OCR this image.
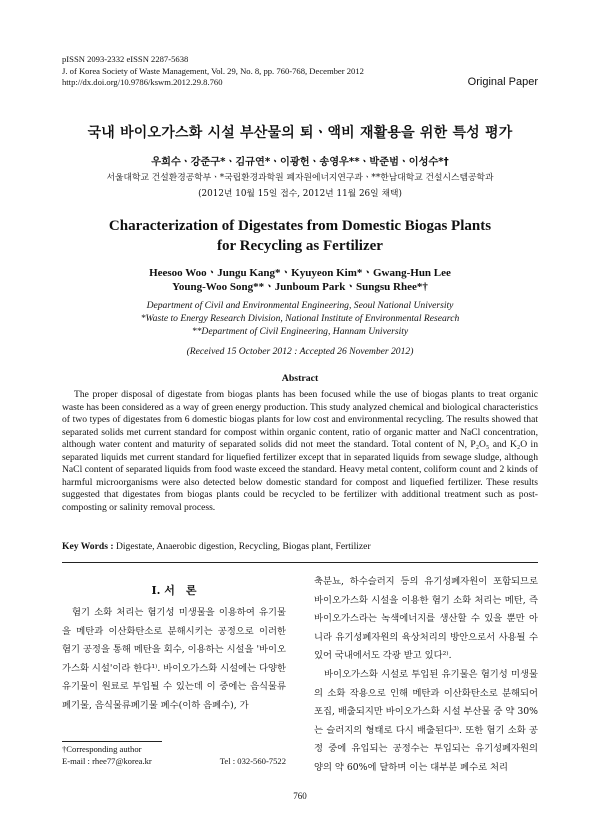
pISSN 2093-2332 eISSN 2287-5638
J. of Korea Society of Waste Management, Vol. 29, No. 8, pp. 760-768, December 2012
http://dx.doi.org/10.9786/kswm.2012.29.8.760	Original Paper
국내 바이오가스화 시설 부산물의 퇴ㆍ액비 재활용을 위한 특성 평가
우희수ㆍ강준구*ㆍ김규연*ㆍ이광헌ㆍ송영우**ㆍ박준범ㆍ이성수*†
서울대학교 건설환경공학부ㆍ*국립환경과학원 폐자원에너지연구과ㆍ**한남대학교 건설시스템공학과
(2012년 10월 15일 접수, 2012년 11월 26일 채택)
Characterization of Digestates from Domestic Biogas Plants
for Recycling as Fertilizer
Heesoo WooㆍJungu Kang*ㆍKyuyeon Kim*ㆍGwang-Hun Lee
Young-Woo Song**ㆍJunboum ParkㆍSungsu Rhee*†
Department of Civil and Environmental Engineering, Seoul National University
*Waste to Energy Research Division, National Institute of Environmental Research
**Department of Civil Engineering, Hannam University
(Received 15 October 2012 : Accepted 26 November 2012)
Abstract
The proper disposal of digestate from biogas plants has been focused while the use of biogas plants to treat organic waste has been considered as a way of green energy production. This study analyzed chemical and biological characteristics of two types of digestates from 6 domestic biogas plants for low cost and environmental recycling. The results showed that separated solids met current standard for compost within organic content, ratio of organic matter and NaCl concentration, although water content and maturity of separated solids did not meet the standard. Total content of N, P₂O₅ and K₂O in separated liquids met current standard for liquefied fertilizer except that in separated liquids from sewage sludge, although NaCl content of separated liquids from food waste exceed the standard. Heavy metal content, coliform count and 2 kinds of harmful microorganisms were also detected below domestic standard for compost and liquefied fertilizer. These results suggested that digestates from biogas plants could be recycled to be fertilizer with additional treatment such as post-composting or salinity removal process.
Key Words : Digestate, Anaerobic digestion, Recycling, Biogas plant, Fertilizer
I. 서　론

혐기 소화 처리는 혐기성 미생물을 이용하여 유기물을 메탄과 이산화탄소로 분해시키는 공정으로 이러한 혐기 공정을 통해 메탄을 회수, 이용하는 시설을 '바이오가스화 시설'이라 한다¹⁾. 바이오가스화 시설에는 다양한 유기물이 원료로 투입될 수 있는데 이 중에는 음식물류폐기물, 음식물류폐기물 폐수(이하 음폐수), 가

축분뇨, 하수슬러지 등의 유기성폐자원이 포함되므로 바이오가스화 시설을 이용한 혐기 소화 처리는 메탄, 즉 바이오가스라는 녹색에너지를 생산할 수 있을 뿐만 아니라 유기성폐자원의 육상처리의 방안으로서 사용될 수 있어 국내에서도 각광 받고 있다²⁾.

바이오가스화 시설로 투입된 유기물은 혐기성 미생물의 소화 작용으로 인해 메탄과 이산화탄소로 분해되어 포집, 배출되지만 바이오가스화 시설 부산물 중 약 30%는 슬러지의 형태로 다시 배출된다³⁾. 또한 혐기 소화 공정 중에 유입되는 공정수는 투입되는 유기성폐자원의 양의 약 60%에 달하며 이는 대부분 폐수로 처리

†Corresponding author
E-mail : rhee77@korea.kr	Tel : 032-560-7522
760
